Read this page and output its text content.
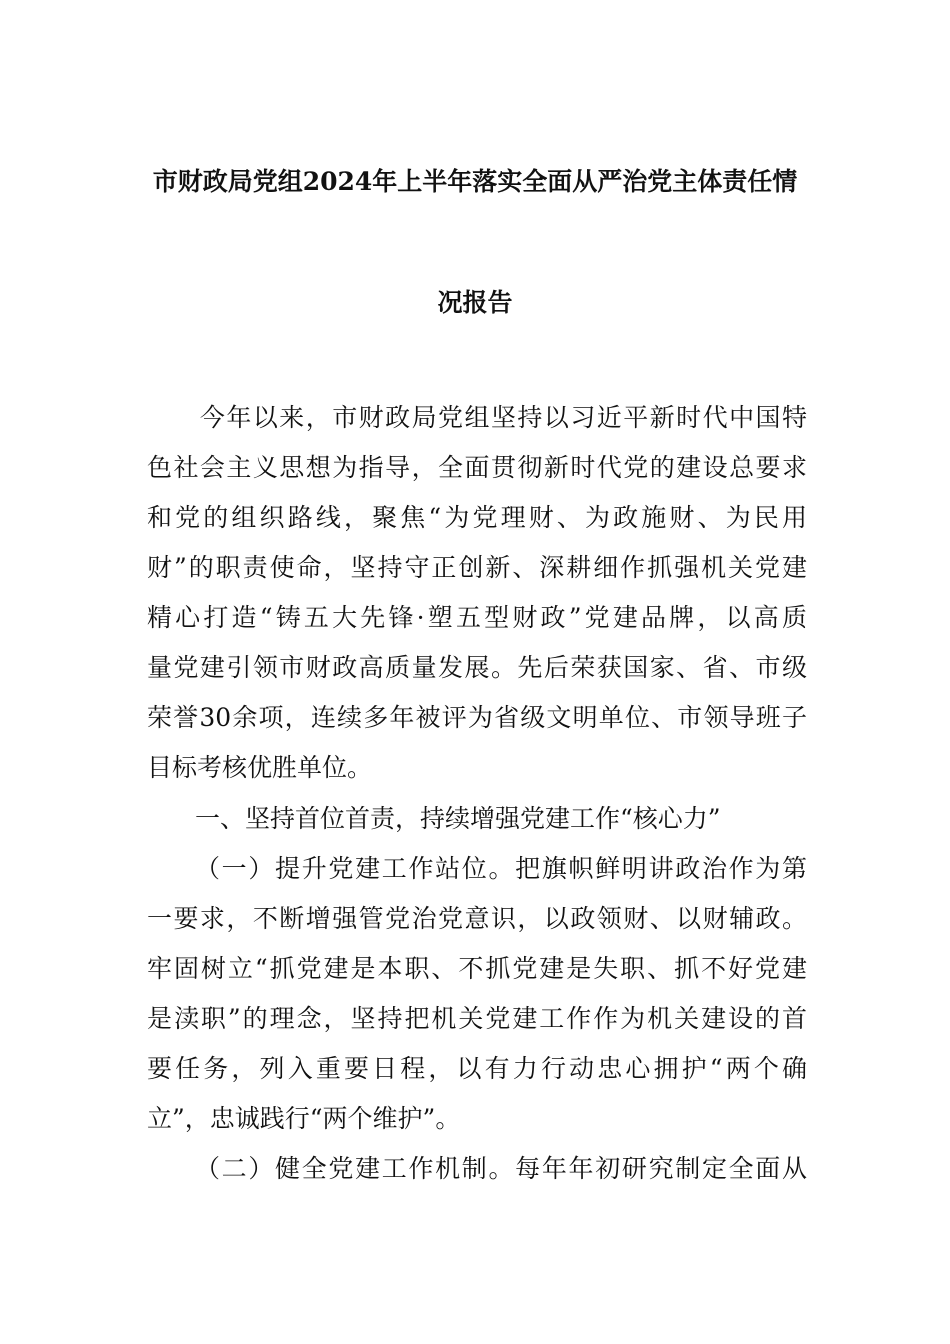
市财政局党组2024年上半年落实全面从严治党主体责任情
况报告
　　今年以来，市财政局党组坚持以习近平新时代中国特
色社会主义思想为指导，全面贯彻新时代党的建设总要求
和党的组织路线，聚焦“为党理财、为政施财、为民用
财”的职责使命，坚持守正创新、深耕细作抓强机关党建
精心打造“铸五大先锋·塑五型财政”党建品牌，以高质
量党建引领市财政高质量发展。先后荣获国家、省、市级
荣誉30余项，连续多年被评为省级文明单位、市领导班子
目标考核优胜单位。
一、坚持首位首责，持续增强党建工作“核心力”
（一）提升党建工作站位。把旗帜鲜明讲政治作为第
一要求，不断增强管党治党意识，以政领财、以财辅政。
牢固树立“抓党建是本职、不抓党建是失职、抓不好党建
是渎职”的理念，坚持把机关党建工作作为机关建设的首
要任务，列入重要日程，以有力行动忠心拥护“两个确
立”，忠诚践行“两个维护”。
（二）健全党建工作机制。每年年初研究制定全面从
